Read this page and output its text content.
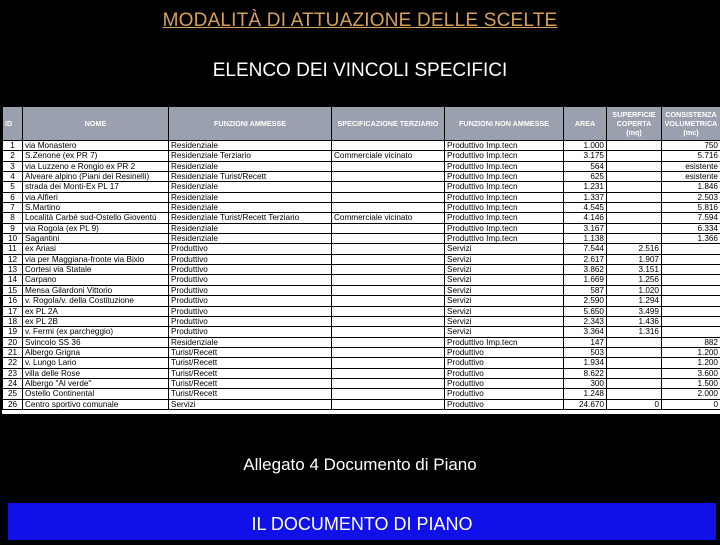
MODALITÀ DI ATTUAZIONE DELLE SCELTE
ELENCO DEI VINCOLI SPECIFICI
ID	NOME	FUNZIONI AMMESSE	SPECIFICAZIONE TERZIARIO	FUNZIONI NON AMMESSE	AREA	SUPERFICIE COPERTA (mq)	CONSISTENZA VOLUMETRICA (mc)
1	via Monastero	Residenziale		Produttivo Imp.tecn	1.000		750
2	S.Zenone (ex PR 7)	Residenziale Terziario	Commerciale vicinato	Produttivo Imp.tecn	3.175		5.716
3	via Luzzeno e Rongio ex PR 2	Residenziale		Produttivo Imp.tecn	564		esistente
4	Alveare alpino (Piani dei Resinelli)	Residenziale Turist/Recett		Produttivo Imp.tecn	625		esistente
5	strada dei Monti-Ex PL 17	Residenziale		Produttivo Imp.tecn	1.231		1.846
6	via Alfieri	Residenziale		Produttivo Imp.tecn	1.337		2.503
7	S.Martino	Residenziale		Produttivo Imp.tecn	4.545		5.816
8	Località Carbé sud-Ostello Gioventù	Residenziale Turist/Recett Terziario	Commerciale vicinato	Produttivo Imp.tecn	4.146		7.594
9	via Rogola (ex PL 9)	Residenziale		Produttivo Imp.tecn	3.167		6.334
10	Sagantini	Residenziale		Produttivo Imp.tecn	1.138		1.366
11	ex Ariasi	Produttivo		Servizi	7.544	2.516	
12	via per Maggiana-fronte via Bixio	Produttivo		Servizi	2.617	1.907	
13	Cortesi via Statale	Produttivo		Servizi	3.862	3.151	
14	Carpano	Produttivo		Servizi	1.669	1.256	
15	Mensa Gilardoni Vittorio	Produttivo		Servizi	587	1.020	
16	v. Rogola/v. della Costituzione	Produttivo		Servizi	2.590	1.294	
17	ex PL 2A	Produttivo		Servizi	5.650	3.499	
18	ex PL 2B	Produttivo		Servizi	2.343	1.436	
19	v. Fermi (ex parcheggio)	Produttivo		Servizi	3.364	1.316	
20	Svincolo SS 36	Residenziale		Produttivo Imp.tecn	147		882
21	Albergo Grigna	Turist/Recett		Produttivo	503		1.200
22	v. Lungo Lario	Turist/Recett		Produttivo	1.934		1.200
23	villa delle Rose	Turist/Recett		Produttivo	8.622		3.600
24	Albergo "Al verde"	Turist/Recett		Produttivo	300		1.500
25	Ostello Continental	Turist/Recett		Produttivo	1.248		2.000
26	Centro sportivo comunale	Servizi		Produttivo	24.670	0	0
Allegato 4 Documento di Piano
IL DOCUMENTO DI PIANO
